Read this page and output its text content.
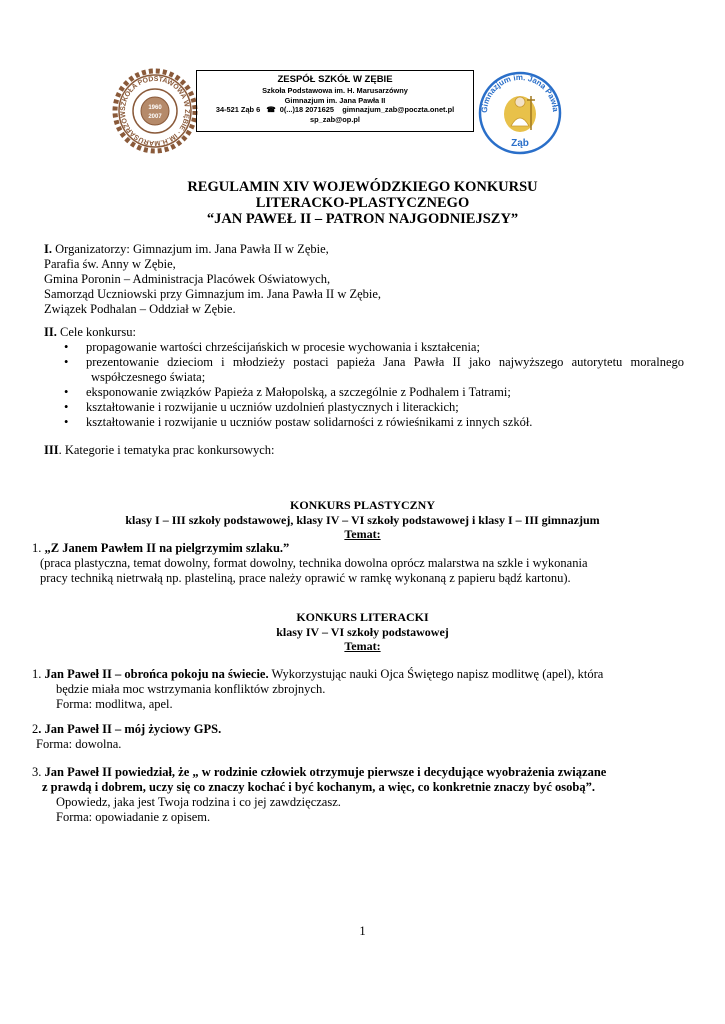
SZKOŁA PODSTAWOWA W ZĘBIE · IM.H.MARUSARZÓW
1960
2007
ZESPÓŁ SZKÓŁ W ZĘBIE
Szkoła Podstawowa im. H. Marusarzówny
Gimnazjum im. Jana Pawła II
34-521 Ząb 6   ☎  0(...)18 2071625 gimnazjum_zab@poczta.onet.pl
sp_zab@op.pl
Gimnazjum im. Jana Pawła
Ząb
REGULAMIN XIV WOJEWÓDZKIEGO KONKURSU
LITERACKO-PLASTYCZNEGO
“JAN PAWEŁ II – PATRON NAJGODNIEJSZY”
I. Organizatorzy: Gimnazjum im. Jana Pawła II w Zębie,
Parafia św. Anny w Zębie,
Gmina Poronin – Administracja Placówek Oświatowych,
Samorząd Uczniowski przy Gimnazjum im. Jana Pawła II w Zębie,
Związek Podhalan – Oddział w Zębie.
II. Cele konkursu:
• propagowanie wartości chrześcijańskich w procesie wychowania i kształcenia;
• prezentowanie dzieciom i młodzieży postaci papieża Jana Pawła II jako najwyższego autorytetu moralnego
współczesnego świata;
• eksponowanie związków Papieża z Małopolską, a szczególnie z Podhalem i Tatrami;
• kształtowanie i rozwijanie u uczniów uzdolnień plastycznych i literackich;
• kształtowanie i rozwijanie u uczniów postaw solidarności z rówieśnikami z innych szkół.
III. Kategorie i tematyka prac konkursowych:
KONKURS PLASTYCZNY
klasy I – III szkoły podstawowej, klasy IV – VI szkoły podstawowej i klasy I – III gimnazjum
Temat:
1. „Z Janem Pawłem II na pielgrzymim szlaku.”
(praca plastyczna, temat dowolny, format dowolny, technika dowolna oprócz malarstwa na szkle i wykonania
pracy techniką nietrwałą np. plasteliną, prace należy oprawić w ramkę wykonaną z papieru bądź kartonu).
KONKURS LITERACKI
klasy IV – VI szkoły podstawowej
Temat:
1. Jan Paweł II – obrońca pokoju na świecie. Wykorzystując nauki Ojca Świętego napisz modlitwę (apel), która
będzie miała moc wstrzymania konfliktów zbrojnych.
Forma: modlitwa, apel.
2. Jan Paweł II – mój życiowy GPS.
Forma: dowolna.
3. Jan Paweł II powiedział, że „ w rodzinie człowiek otrzymuje pierwsze i decydujące wyobrażenia związane
z prawdą i dobrem, uczy się co znaczy kochać i być kochanym, a więc, co konkretnie znaczy być osobą”.
Opowiedz, jaka jest Twoja rodzina i co jej zawdzięczasz.
Forma: opowiadanie z opisem.
1
